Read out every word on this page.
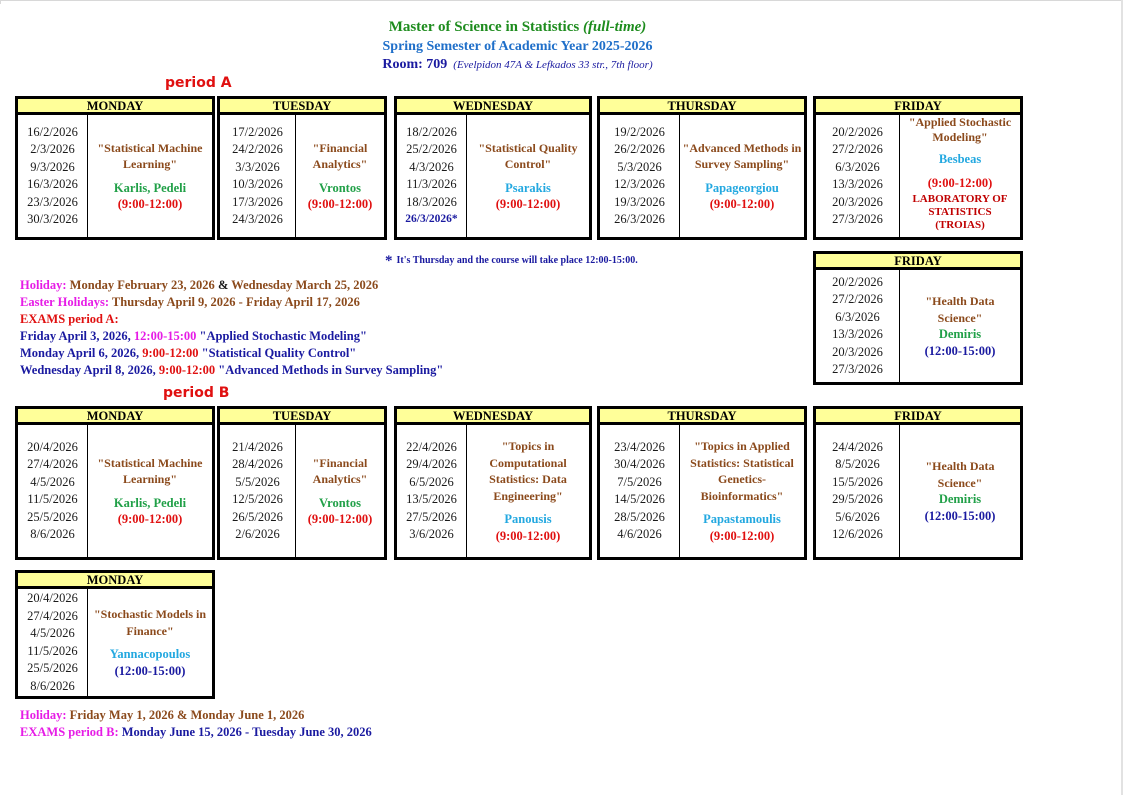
Master of Science in Statistics (full-time)
Spring Semester of Academic Year 2025-2026
Room: 709 (Evelpidon 47A & Lefkados 33 str., 7th floor)
period A
MONDAY
16/2/2026
2/3/2026
9/3/2026
16/3/2026
23/3/2026
30/3/2026
"Statistical Machine Learning"
Karlis, Pedeli
(9:00-12:00)
TUESDAY
17/2/2026
24/2/2026
3/3/2026
10/3/2026
17/3/2026
24/3/2026
"Financial Analytics"
Vrontos
(9:00-12:00)
WEDNESDAY
18/2/2026
25/2/2026
4/3/2026
11/3/2026
18/3/2026
26/3/2026*
"Statistical Quality Control"
Psarakis
(9:00-12:00)
THURSDAY
19/2/2026
26/2/2026
5/3/2026
12/3/2026
19/3/2026
26/3/2026
"Advanced Methods in Survey Sampling"
Papageorgiou
(9:00-12:00)
FRIDAY
20/2/2026
27/2/2026
6/3/2026
13/3/2026
20/3/2026
27/3/2026
"Applied Stochastic Modeling"
Besbeas
(9:00-12:00)
LABORATORY OF STATISTICS (TROIAS)
* It's Thursday and the course will take place 12:00-15:00.	FRIDAY
20/2/2026
27/2/2026
6/3/2026
13/3/2026
20/3/2026
27/3/2026
"Health Data Science"
Demiris
(12:00-15:00)
Holiday: Monday February 23, 2026 & Wednesday March 25, 2026
Easter Holidays: Thursday April 9, 2026 - Friday April 17, 2026
EXAMS period A:
Friday April 3, 2026, 12:00-15:00 "Applied Stochastic Modeling"
Monday April 6, 2026, 9:00-12:00 "Statistical Quality Control"
Wednesday April 8, 2026, 9:00-12:00 "Advanced Methods in Survey Sampling"
period B
MONDAY
20/4/2026
27/4/2026
4/5/2026
11/5/2026
25/5/2026
8/6/2026
"Statistical Machine Learning"
Karlis, Pedeli
(9:00-12:00)
TUESDAY
21/4/2026
28/4/2026
5/5/2026
12/5/2026
26/5/2026
2/6/2026
"Financial Analytics"
Vrontos
(9:00-12:00)
WEDNESDAY
22/4/2026
29/4/2026
6/5/2026
13/5/2026
27/5/2026
3/6/2026
"Topics in Computational Statistics: Data Engineering"
Panousis
(9:00-12:00)
THURSDAY
23/4/2026
30/4/2026
7/5/2026
14/5/2026
28/5/2026
4/6/2026
"Topics in Applied Statistics: Statistical Genetics-Bioinformatics"
Papastamoulis
(9:00-12:00)
FRIDAY
24/4/2026
8/5/2026
15/5/2026
29/5/2026
5/6/2026
12/6/2026
"Health Data Science"
Demiris
(12:00-15:00)
MONDAY
20/4/2026
27/4/2026
4/5/2026
11/5/2026
25/5/2026
8/6/2026
"Stochastic Models in Finance"
Yannacopoulos
(12:00-15:00)
Holiday: Friday May 1, 2026 & Monday June 1, 2026
EXAMS period B: Monday June 15, 2026 - Tuesday June 30, 2026
